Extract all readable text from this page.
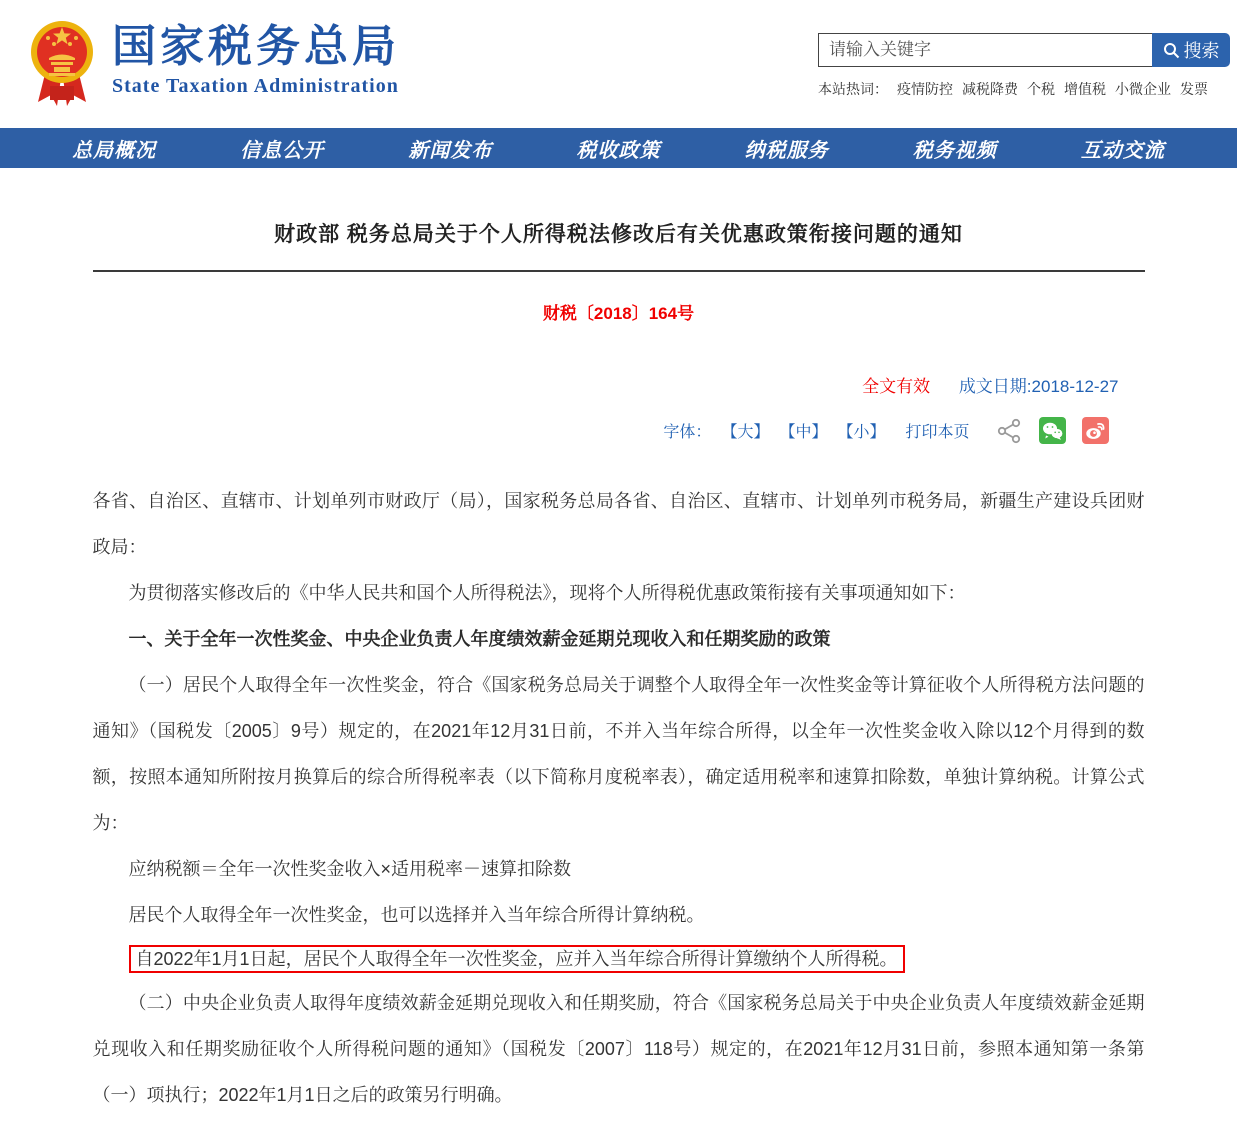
国家税务总局
State Taxation Administration
请输入关键字
搜索
本站热词： 疫情防控 减税降费 个税 增值税 小微企业 发票
总局概况	信息公开	新闻发布	税收政策	纳税服务	税务视频	互动交流
财政部 税务总局关于个人所得税法修改后有关优惠政策衔接问题的通知
财税〔2018〕164号
全文有效 成文日期:2018-12-27
字体： 【大】 【中】 【小】 打印本页

各省、自治区、直辖市、计划单列市财政厅（局），国家税务总局各省、自治区、直辖市、计划单列市税务局，新疆生产建设兵团财政局：

为贯彻落实修改后的《中华人民共和国个人所得税法》，现将个人所得税优惠政策衔接有关事项通知如下：

一、关于全年一次性奖金、中央企业负责人年度绩效薪金延期兑现收入和任期奖励的政策

（一）居民个人取得全年一次性奖金，符合《国家税务总局关于调整个人取得全年一次性奖金等计算征收个人所得税方法问题的通知》（国税发〔2005〕9号）规定的，在2021年12月31日前，不并入当年综合所得，以全年一次性奖金收入除以12个月得到的数额，按照本通知所附按月换算后的综合所得税率表（以下简称月度税率表），确定适用税率和速算扣除数，单独计算纳税。计算公式为：

应纳税额＝全年一次性奖金收入×适用税率－速算扣除数

居民个人取得全年一次性奖金，也可以选择并入当年综合所得计算纳税。

自2022年1月1日起，居民个人取得全年一次性奖金，应并入当年综合所得计算缴纳个人所得税。

（二）中央企业负责人取得年度绩效薪金延期兑现收入和任期奖励，符合《国家税务总局关于中央企业负责人年度绩效薪金延期兑现收入和任期奖励征收个人所得税问题的通知》（国税发〔2007〕118号）规定的，在2021年12月31日前，参照本通知第一条第（一）项执行；2022年1月1日之后的政策另行明确。
